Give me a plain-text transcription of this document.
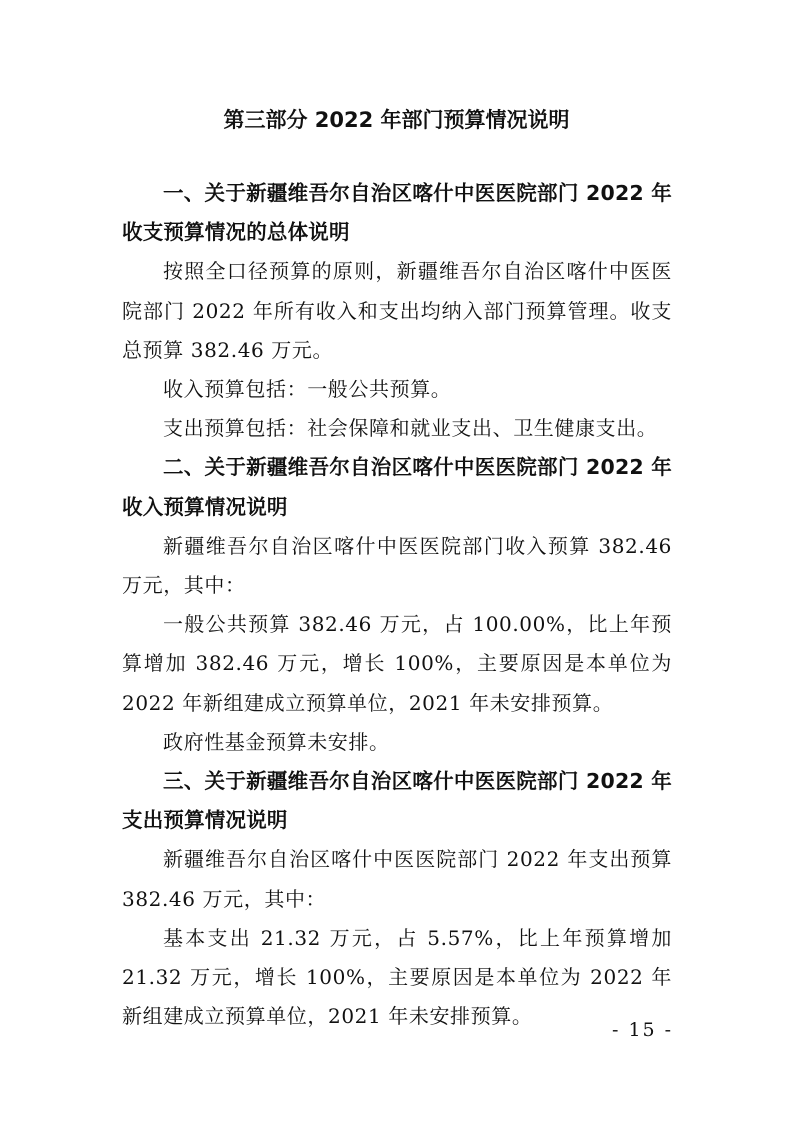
第三部分 2022 年部门预算情况说明

一、关于新疆维吾尔自治区喀什中医医院部门 2022 年收支预算情况的总体说明

按照全口径预算的原则，新疆维吾尔自治区喀什中医医院部门 2022 年所有收入和支出均纳入部门预算管理。收支总预算 382.46 万元。

收入预算包括：一般公共预算。

支出预算包括：社会保障和就业支出、卫生健康支出。

二、关于新疆维吾尔自治区喀什中医医院部门 2022 年收入预算情况说明

新疆维吾尔自治区喀什中医医院部门收入预算 382.46 万元，其中：

一般公共预算 382.46 万元，占 100.00%，比上年预算增加 382.46 万元，增长 100%，主要原因是本单位为 2022 年新组建成立预算单位，2021 年未安排预算。

政府性基金预算未安排。

三、关于新疆维吾尔自治区喀什中医医院部门 2022 年支出预算情况说明

新疆维吾尔自治区喀什中医医院部门 2022 年支出预算 382.46 万元，其中：

基本支出 21.32 万元，占 5.57%，比上年预算增加 21.32 万元，增长 100%，主要原因是本单位为 2022 年新组建成立预算单位，2021 年未安排预算。

- 15 -
